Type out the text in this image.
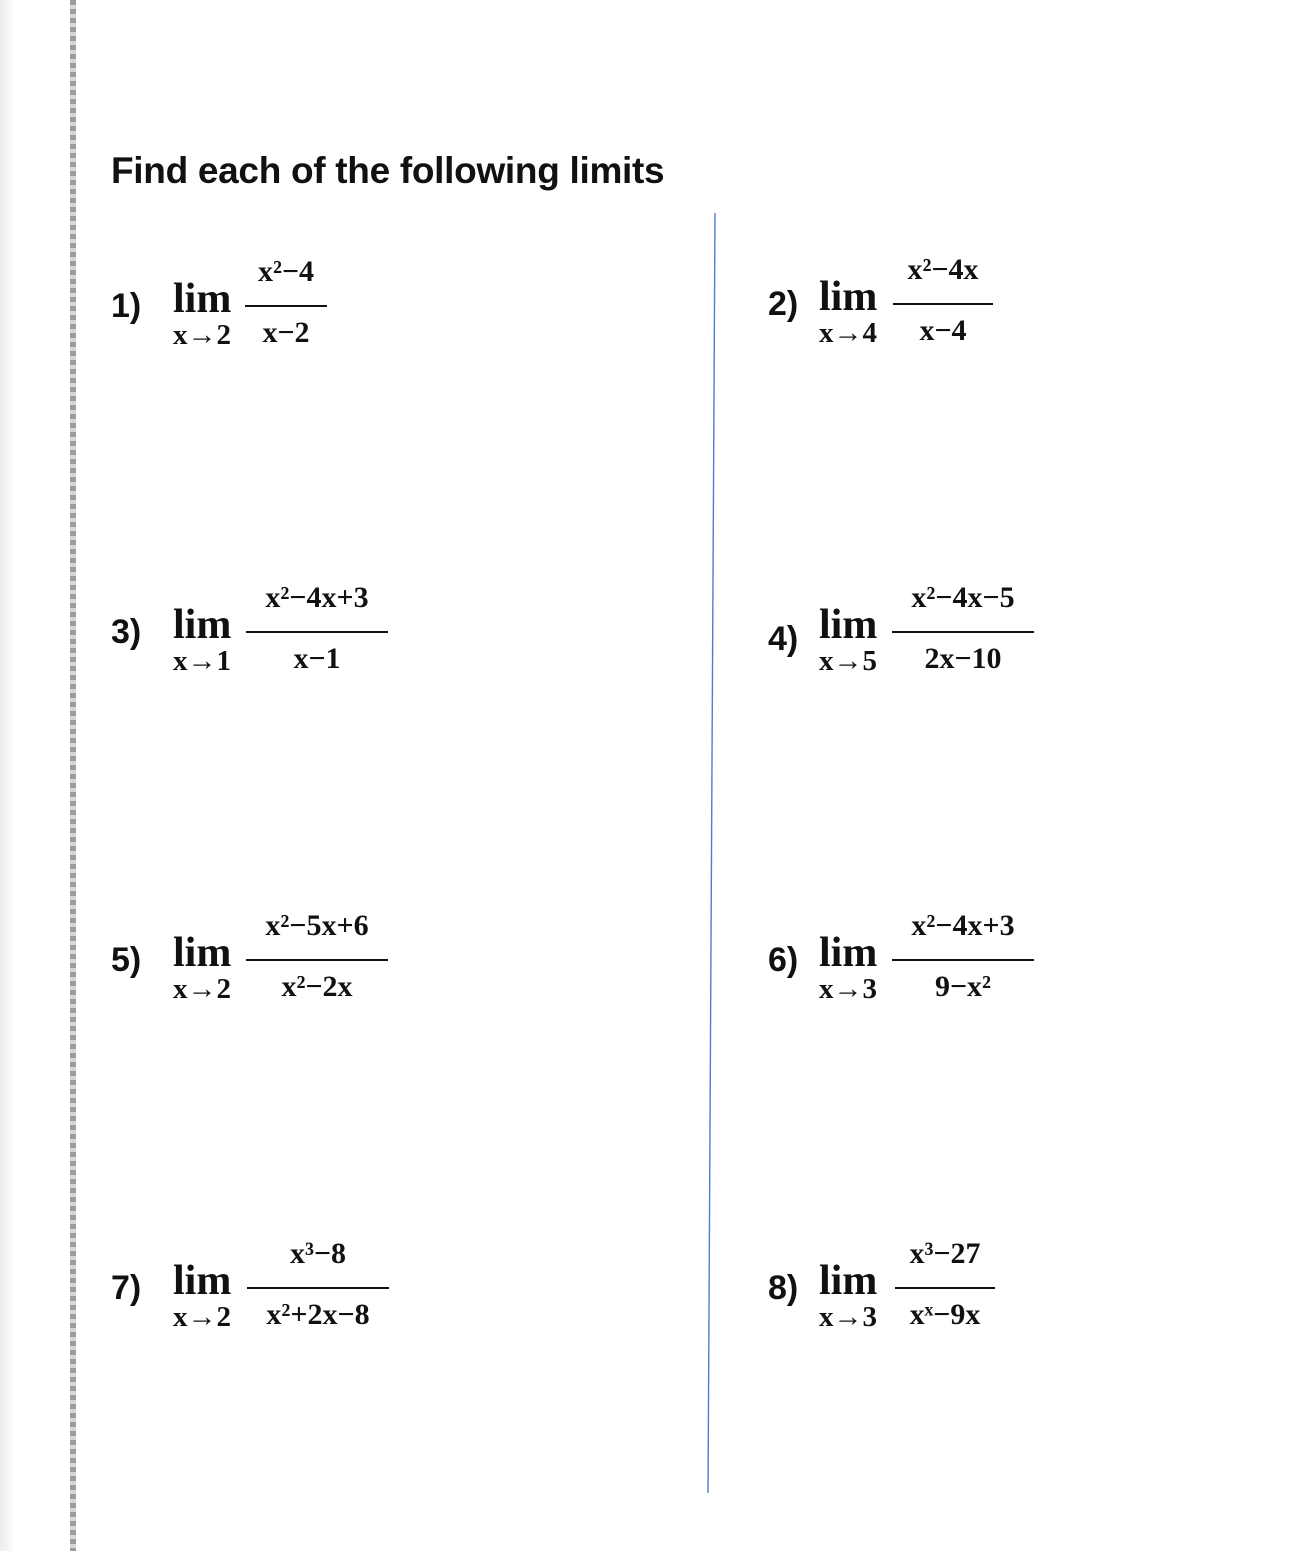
Find each of the following limits
1) lim
x→2
x²−4
x−2
2) lim
x→4
x²−4x
x−4
3) lim
x→1
x²−4x+3
x−1
4) lim
x→5
x²−4x−5
2x−10
5) lim
x→2
x²−5x+6
x²−2x
6) lim
x→3
x²−4x+3
9−x²
7) lim
x→2
x³−8
x²+2x−8
8) lim
x→3
x³−27
xˣ−9x
